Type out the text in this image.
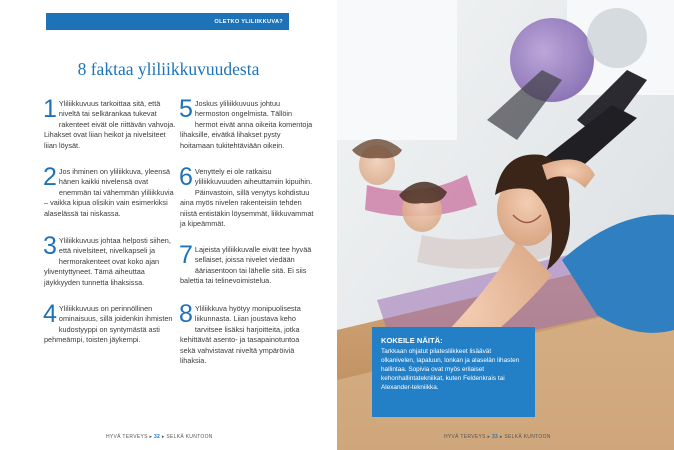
OLETKO YLILIIKKUVA?
8 faktaa yliliikkuvuudesta
1 Yliliikkuvuus tarkoittaa sitä, että niveltä tai selkärankaa tukevat rakenteet eivät ole riittävän vahvoja. Lihakset ovat liian heikot ja nivelsiteet liian löysät.
2 Jos ihminen on yliliikkuva, yleensä hänen kaikki nivelensä ovat enemmän tai vähemmän yliliikkuvia – vaikka kipua olisikin vain esimerkiksi alaselässä tai niskassa.
3 Yliliikkuvuus johtaa helposti siihen, että nivelsiteet, nivelkapseli ja hermorakenteet ovat koko ajan yliventyttyneet. Tämä aiheuttaa jäykkyyden tunnetta lihaksissa.
4 Yliliikkuvuus on perinnöllinen ominaisuus, sillä joidenkin ihmisten kudostyyppi on syntymästä asti pehmeämpi, toisten jäykempi.
5 Joskus yliliikkuvuus johtuu hermoston ongelmista. Tällöin hermot eivät anna oikeita komentoja lihaksille, eivätkä lihakset pysty hoitamaan tukitehtäviään oikein.
6 Venyttely ei ole ratkaisu yliliikkuvuuden aiheuttamiin kipuihin. Päinvastoin, sillä venytys kohdistuu aina myös nivelen rakenteisiin tehden niistä entistäkin löysemmät, liikkuvammat ja kipeämmät.
7 Lajeista yliliikkuvalle eivät tee hyvää sellaiset, joissa nivelet viedään ääriasentoon tai lähelle sitä. Ei siis balettia tai telinevoimistelua.
8 Yliliikkuva hyötyy monipuolisesta liikunnasta. Liian joustava keho tarvitsee lisäksi harjoitteita, jotka kehittävät asento- ja tasapainotuntoa sekä vahvistavat niveltä ympäröiviä lihaksia.
HYVÄ TERVEYS ▸ 32 ▸ SELKÄ KUNTOON	HYVÄ TERVEYS ▸ 33 ▸ SELKÄ KUNTOON
KOKEILE NÄITÄ:
Tarkkaan ohjatut pilatesliikkeet lisäävät olkanivelen, lapaluun, lonkan ja alaselän lihasten hallintaa. Sopivia ovat myös erilaiset kehonhallintatekniikat, kuten Feldenkrais tai Alexander-tekniikka.
